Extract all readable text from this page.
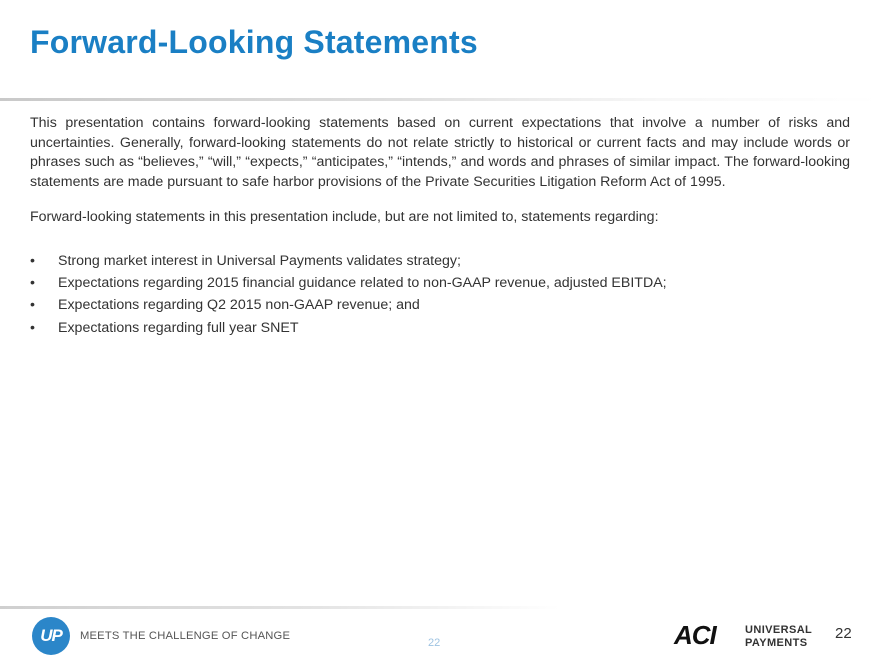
Forward-Looking Statements

This presentation contains forward-looking statements based on current expectations that involve a number of risks and uncertainties. Generally, forward-looking statements do not relate strictly to historical or current facts and may include words or phrases such as “believes,” “will,” “expects,” “anticipates,” “intends,” and words and phrases of similar impact. The forward-looking statements are made pursuant to safe harbor provisions of the Private Securities Litigation Reform Act of 1995.

Forward-looking statements in this presentation include, but are not limited to, statements regarding:

• Strong market interest in Universal Payments validates strategy;
• Expectations regarding 2015 financial guidance related to non-GAAP revenue, adjusted EBITDA;
• Expectations regarding Q2 2015 non-GAAP revenue; and
• Expectations regarding full year SNET
UP MEETS THE CHALLENGE OF CHANGE
22	ACI	UNIVERSAL
PAYMENTS
22
